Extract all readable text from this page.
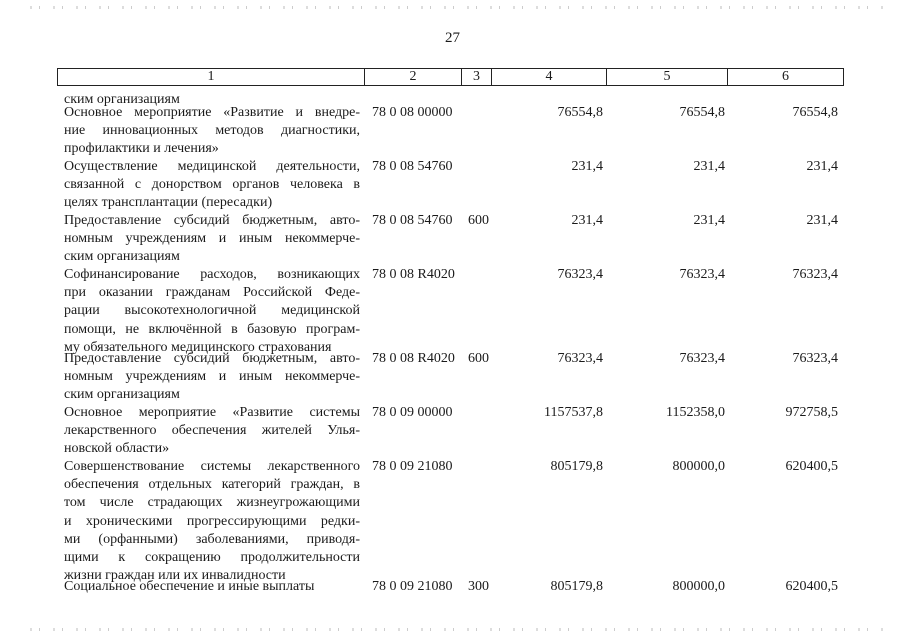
27
1	2	3	4	5	6
ским организациям
Основное мероприятие «Развитие и внедре-
ние инновационных методов диагностики,
профилактики и лечения»
78 0 08 00000	76554,8	76554,8	76554,8
Осуществление медицинской деятельности,
связанной с донорством органов человека в
целях трансплантации (пересадки)
78 0 08 54760	231,4	231,4	231,4
Предоставление субсидий бюджетным, авто-
номным учреждениям и иным некоммерче-
ским организациям
78 0 08 54760 600	231,4	231,4	231,4
Софинансирование расходов, возникающих
при оказании гражданам Российской Феде-
рации высокотехнологичной медицинской
помощи, не включённой в базовую програм-
му обязательного медицинского страхования
78 0 08 R4020	76323,4	76323,4	76323,4
Предоставление субсидий бюджетным, авто-
номным учреждениям и иным некоммерче-
ским организациям
78 0 08 R4020 600	76323,4	76323,4	76323,4
Основное мероприятие «Развитие системы
лекарственного обеспечения жителей Улья-
новской области»
78 0 09 00000	1157537,8	1152358,0	972758,5
Совершенствование системы лекарственного
обеспечения отдельных категорий граждан, в
том числе страдающих жизнеугрожающими
и хроническими прогрессирующими редки-
ми (орфанными) заболеваниями, приводя-
щими к сокращению продолжительности
жизни граждан или их инвалидности
78 0 09 21080	805179,8	800000,0	620400,5
Социальное обеспечение и иные выплаты	78 0 09 21080 300	805179,8	800000,0	620400,5
